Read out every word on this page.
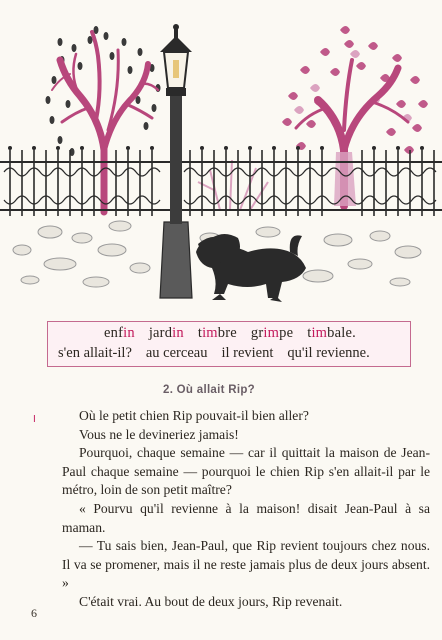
enfin jardin timbre grimpe timbale.
s'en allait-il? au cerceau il revient qu'il revienne.
2. Où allait Rip?
I	Où le petit chien Rip pouvait-il bien aller?

Vous ne le devineriez jamais!

Pourquoi, chaque semaine — car il quittait la maison de Jean-Paul chaque semaine — pourquoi le chien Rip s'en allait-il par le métro, loin de son petit maître?

« Pourvu qu'il revienne à la maison! disait Jean-Paul à sa maman.

— Tu sais bien, Jean-Paul, que Rip revient toujours chez nous. Il va se promener, mais il ne reste jamais plus de deux jours absent. »

C'était vrai. Au bout de deux jours, Rip revenait.

6
